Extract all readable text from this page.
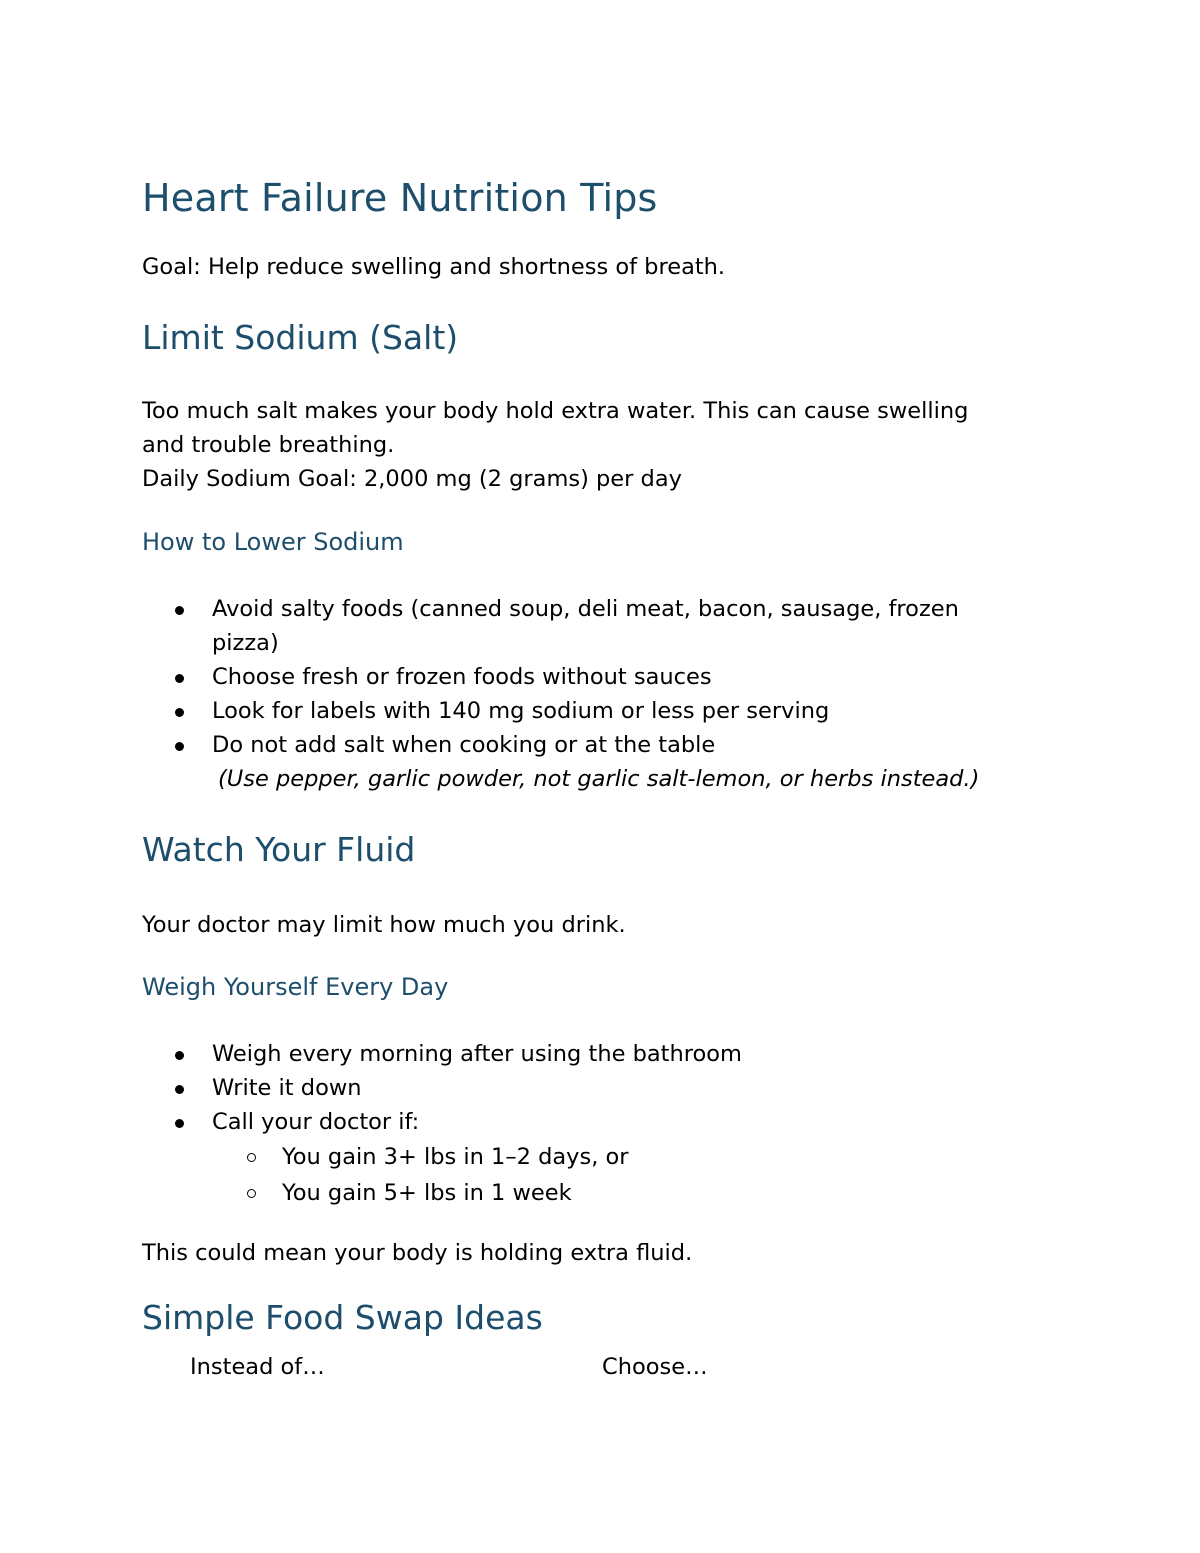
Heart Failure Nutrition Tips
Goal: Help reduce swelling and shortness of breath.
Limit Sodium (Salt)
Too much salt makes your body hold extra water. This can cause swelling
and trouble breathing.
Daily Sodium Goal: 2,000 mg (2 grams) per day
How to Lower Sodium
Avoid salty foods (canned soup, deli meat, bacon, sausage, frozen pizza)
Choose fresh or frozen foods without sauces
Look for labels with 140 mg sodium or less per serving
Do not add salt when cooking or at the table
(Use pepper, garlic powder, not garlic salt-lemon, or herbs instead.)
Watch Your Fluid
Your doctor may limit how much you drink.
Weigh Yourself Every Day
Weigh every morning after using the bathroom
Write it down
Call your doctor if:
You gain 3+ lbs in 1–2 days, or
You gain 5+ lbs in 1 week
This could mean your body is holding extra fluid.
Simple Food Swap Ideas
Instead of…	Choose…
